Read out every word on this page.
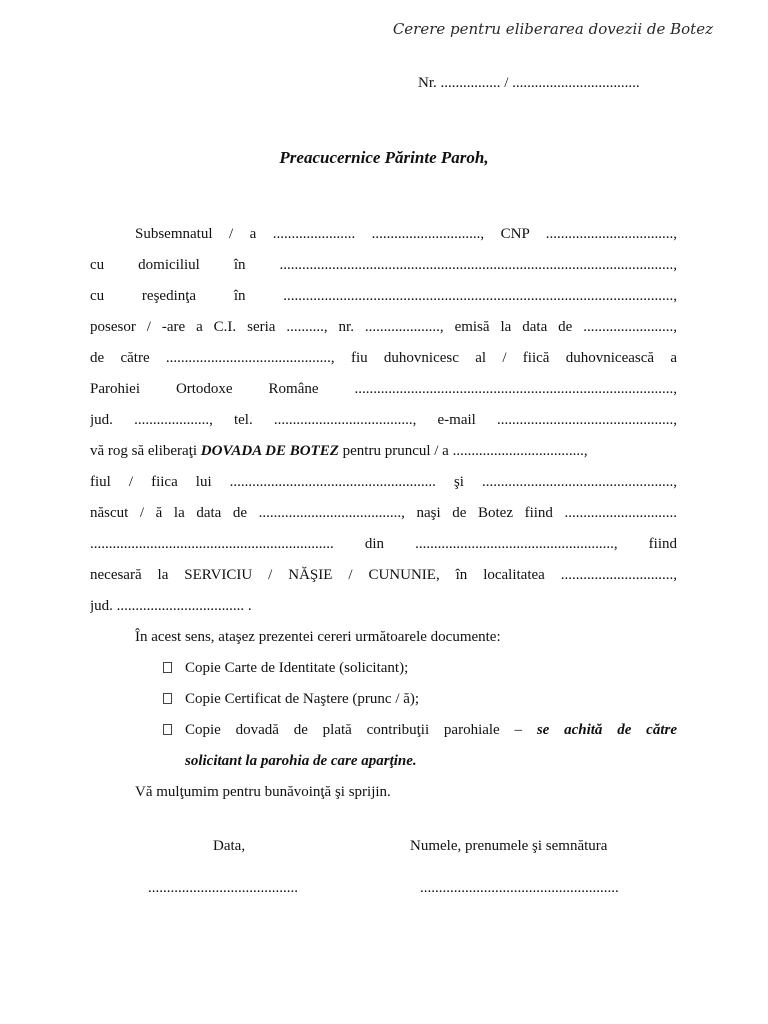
Cerere pentru eliberarea dovezii de Botez
Nr. ................ / ..................................
Preacucernice Părinte Paroh,
Subsemnatul / a ...................... ............................., CNP ..................................,
cu domiciliul în .........................................................................................................,
cu reşedinţa în ........................................................................................................,
posesor / -are a C.I. seria .........., nr. ...................., emisă la data de ........................,
de către ............................................, fiu duhovnicesc al / fiică duhovnicească a
Parohiei Ortodoxe Române .....................................................................................,
jud. ...................., tel. ....................................., e-mail ...............................................,
vă rog să eliberaţi DOVADA DE BOTEZ pentru pruncul / a ...................................,
fiul / fiica lui ....................................................... şi ...................................................,
născut / ă la data de ......................................, naşi de Botez fiind ..............................
................................................................. din ....................................................., fiind
necesară la SERVICIU / NĂŞIE / CUNUNIE, în localitatea ..............................,
jud. .................................. .
În acest sens, ataşez prezentei cereri următoarele documente:
Copie Carte de Identitate (solicitant);
Copie Certificat de Naştere (prunc / ă);
Copie dovadă de plată contribuţii parohiale – se achită de către
solicitant la parohia de care aparţine.
Vă mulţumim pentru bunăvoinţă şi sprijin.
Data,	Numele, prenumele şi semnătura
........................................	.....................................................
